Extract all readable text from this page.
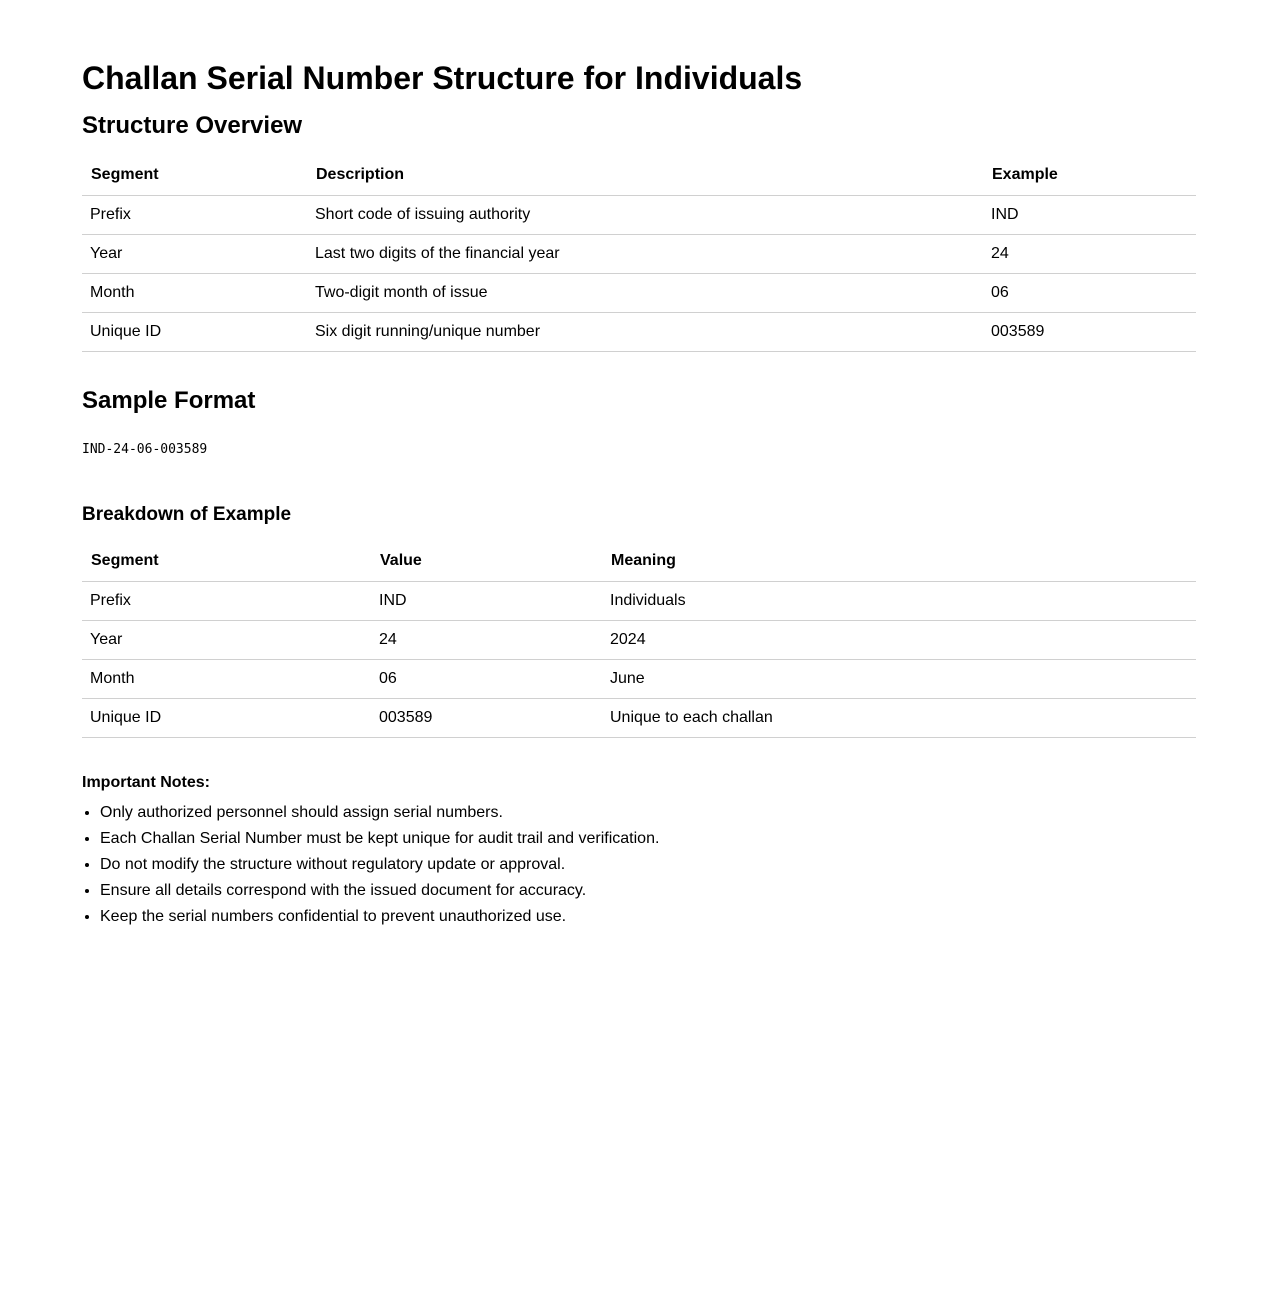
Challan Serial Number Structure for Individuals
Structure Overview
Segment	Description	Example
Prefix	Short code of issuing authority	IND
Year	Last two digits of the financial year	24
Month	Two-digit month of issue	06
Unique ID	Six digit running/unique number	003589
Sample Format
IND-24-06-003589
Breakdown of Example
Segment	Value	Meaning
Prefix	IND	Individuals
Year	24	2024
Month	06	June
Unique ID	003589	Unique to each challan
Important Notes:
• Only authorized personnel should assign serial numbers.
• Each Challan Serial Number must be kept unique for audit trail and verification.
• Do not modify the structure without regulatory update or approval.
• Ensure all details correspond with the issued document for accuracy.
• Keep the serial numbers confidential to prevent unauthorized use.
